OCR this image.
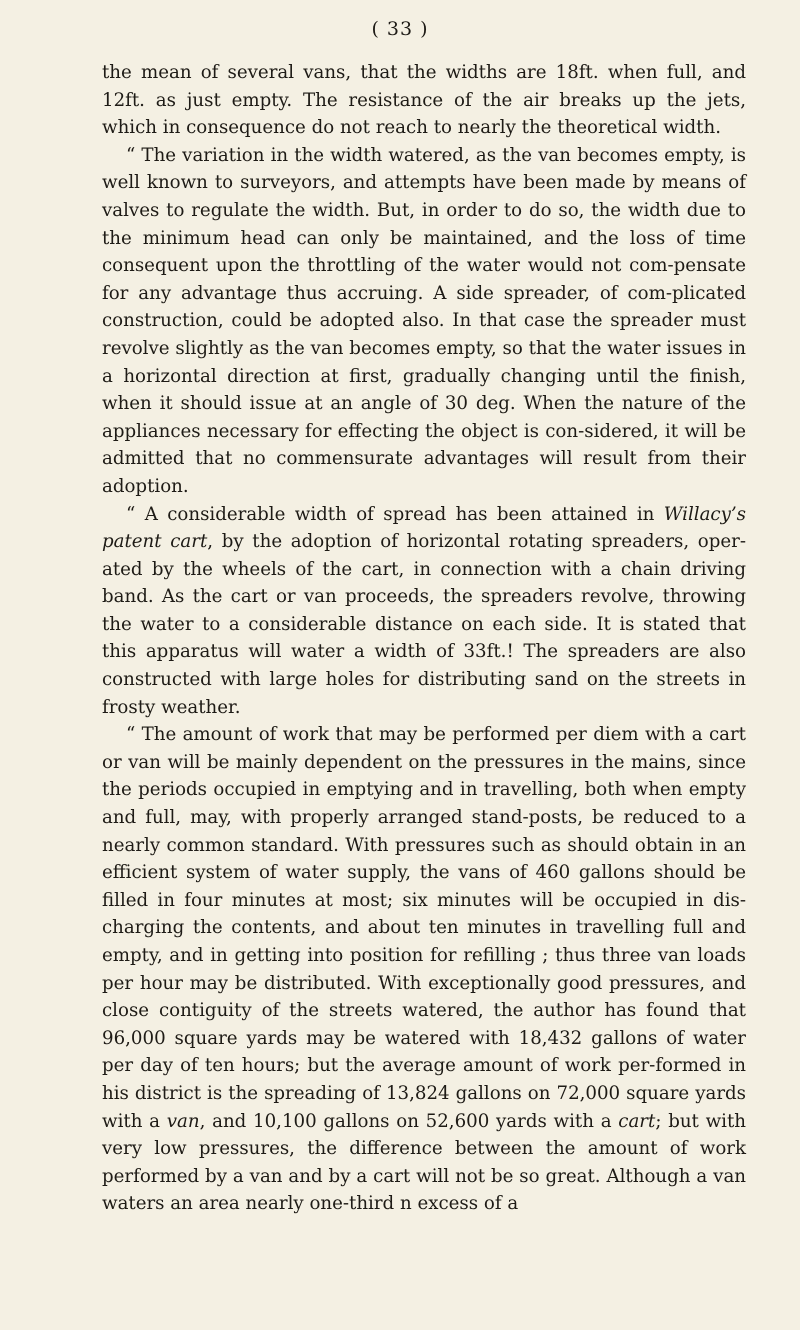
( 33 )

the mean of several vans, that the widths are 18ft. when full, and 12ft. as just empty. The resistance of the air breaks up the jets, which in consequence do not reach to nearly the theoretical width.

“ The variation in the width watered, as the van becomes empty, is well known to surveyors, and attempts have been made by means of valves to regulate the width. But, in order to do so, the width due to the minimum head can only be maintained, and the loss of time consequent upon the throttling of the water would not com-pensate for any advantage thus accruing. A side spreader, of com-plicated construction, could be adopted also. In that case the spreader must revolve slightly as the van becomes empty, so that the water issues in a horizontal direction at first, gradually changing until the finish, when it should issue at an angle of 30 deg. When the nature of the appliances necessary for effecting the object is con-sidered, it will be admitted that no commensurate advantages will result from their adoption.

“ A considerable width of spread has been attained in Willacy’s patent cart, by the adoption of horizontal rotating spreaders, oper-ated by the wheels of the cart, in connection with a chain driving band. As the cart or van proceeds, the spreaders revolve, throwing the water to a considerable distance on each side. It is stated that this apparatus will water a width of 33ft.! The spreaders are also constructed with large holes for distributing sand on the streets in frosty weather.

“ The amount of work that may be performed per diem with a cart or van will be mainly dependent on the pressures in the mains, since the periods occupied in emptying and in travelling, both when empty and full, may, with properly arranged stand-posts, be reduced to a nearly common standard. With pressures such as should obtain in an efficient system of water supply, the vans of 460 gallons should be filled in four minutes at most; six minutes will be occupied in dis-charging the contents, and about ten minutes in travelling full and empty, and in getting into position for refilling ; thus three van loads per hour may be distributed. With exceptionally good pressures, and close contiguity of the streets watered, the author has found that 96,000 square yards may be watered with 18,432 gallons of water per day of ten hours; but the average amount of work per-formed in his district is the spreading of 13,824 gallons on 72,000 square yards with a van, and 10,100 gallons on 52,600 yards with a cart; but with very low pressures, the difference between the amount of work performed by a van and by a cart will not be so great. Although a van waters an area nearly one-third n excess of a
